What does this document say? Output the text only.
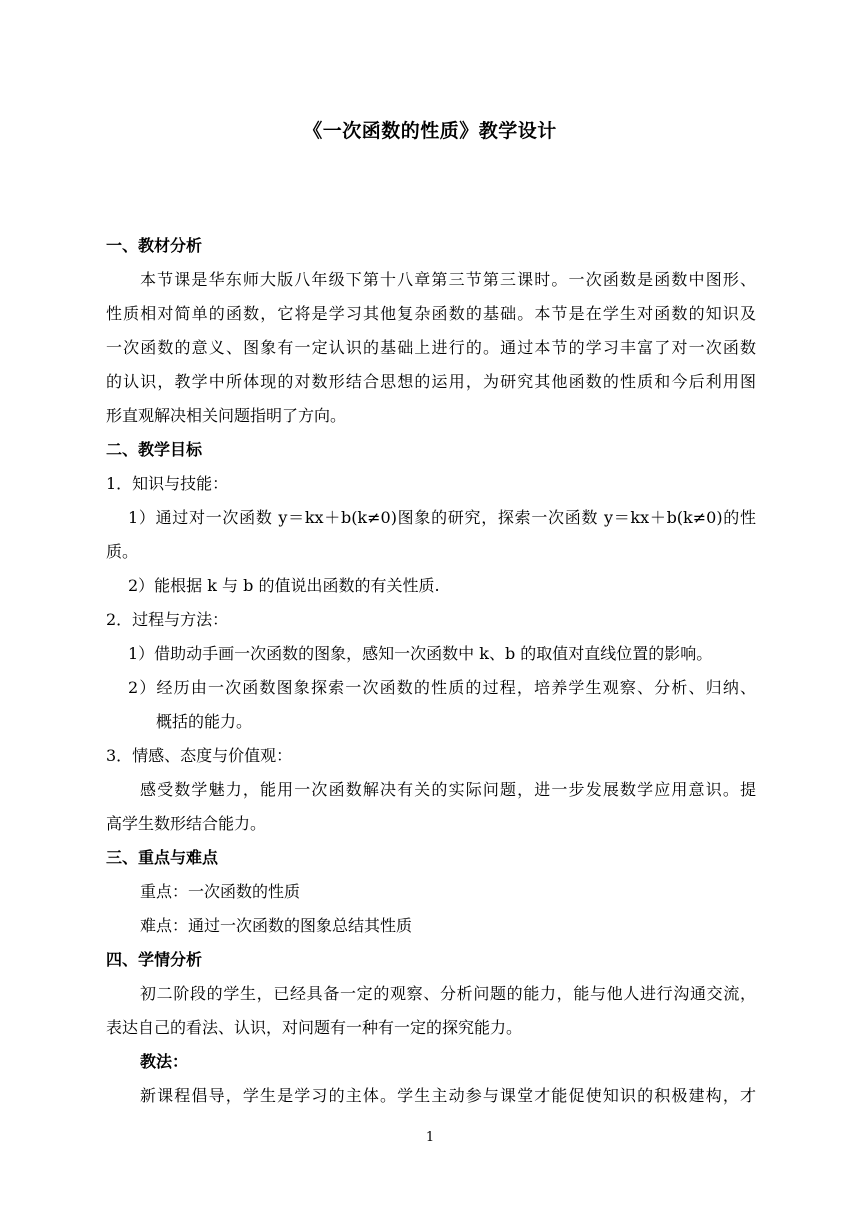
《一次函数的性质》教学设计
一、教材分析
本节课是华东师大版八年级下第十八章第三节第三课时。一次函数是函数中图形、
性质相对简单的函数，它将是学习其他复杂函数的基础。本节是在学生对函数的知识及
一次函数的意义、图象有一定认识的基础上进行的。通过本节的学习丰富了对一次函数
的认识，教学中所体现的对数形结合思想的运用，为研究其他函数的性质和今后利用图
形直观解决相关问题指明了方向。
二、教学目标
1．知识与技能：
1）通过对一次函数 y＝kx＋b(k≠0)图象的研究，探索一次函数 y＝kx＋b(k≠0)的性
质。
2）能根据 k 与 b 的值说出函数的有关性质.
2．过程与方法：
1）借助动手画一次函数的图象，感知一次函数中 k、b 的取值对直线位置的影响。
2）经历由一次函数图象探索一次函数的性质的过程，培养学生观察、分析、归纳、
概括的能力。
3．情感、态度与价值观：
感受数学魅力，能用一次函数解决有关的实际问题，进一步发展数学应用意识。提
高学生数形结合能力。
三、重点与难点
重点：一次函数的性质
难点：通过一次函数的图象总结其性质
四、学情分析
初二阶段的学生，已经具备一定的观察、分析问题的能力，能与他人进行沟通交流，
表达自己的看法、认识，对问题有一种有一定的探究能力。
教法：
新课程倡导，学生是学习的主体。学生主动参与课堂才能促使知识的积极建构，才
1
